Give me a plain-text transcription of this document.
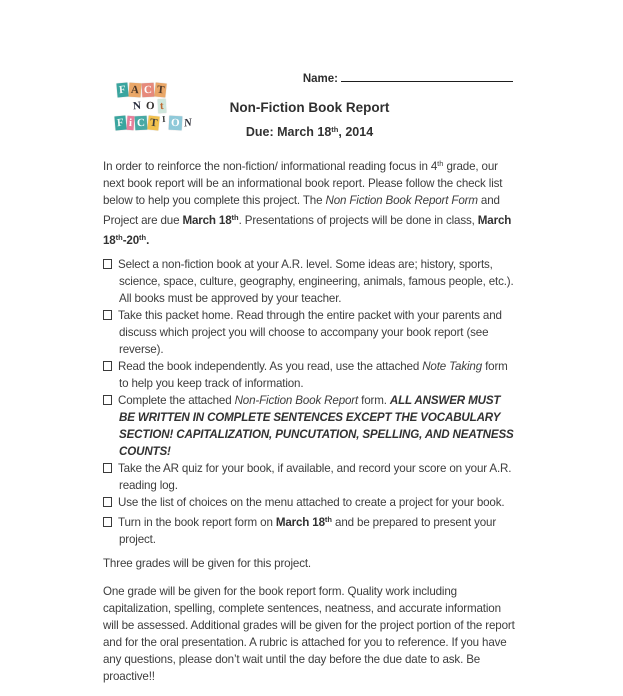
F A C T
N O t
F i C T I O N
Name:
Non-Fiction Book Report
Due: March 18th, 2014

In order to reinforce the non-fiction/ informational reading focus in 4th grade, our next book report will be an informational book report. Please follow the check list below to help you complete this project. The Non Fiction Book Report Form and Project are due March 18th. Presentations of projects will be done in class, March 18th-20th.

Select a non-fiction book at your A.R. level. Some ideas are; history, sports, science, space, culture, geography, engineering, animals, famous people, etc.). All books must be approved by your teacher.
Take this packet home. Read through the entire packet with your parents and discuss which project you will choose to accompany your book report (see reverse).
Read the book independently. As you read, use the attached Note Taking form to help you keep track of information.
Complete the attached Non-Fiction Book Report form. ALL ANSWER MUST BE WRITTEN IN COMPLETE SENTENCES EXCEPT THE VOCABULARY SECTION! CAPITALIZATION, PUNCUTATION, SPELLING, AND NEATNESS COUNTS!
Take the AR quiz for your book, if available, and record your score on your A.R. reading log.
Use the list of choices on the menu attached to create a project for your book.
Turn in the book report form on March 18th and be prepared to present your project.

Three grades will be given for this project.

One grade will be given for the book report form. Quality work including capitalization, spelling, complete sentences, neatness, and accurate information will be assessed. Additional grades will be given for the project portion of the report and for the oral presentation. A rubric is attached for you to reference. If you have any questions, please don’t wait until the day before the due date to ask. Be proactive!!
